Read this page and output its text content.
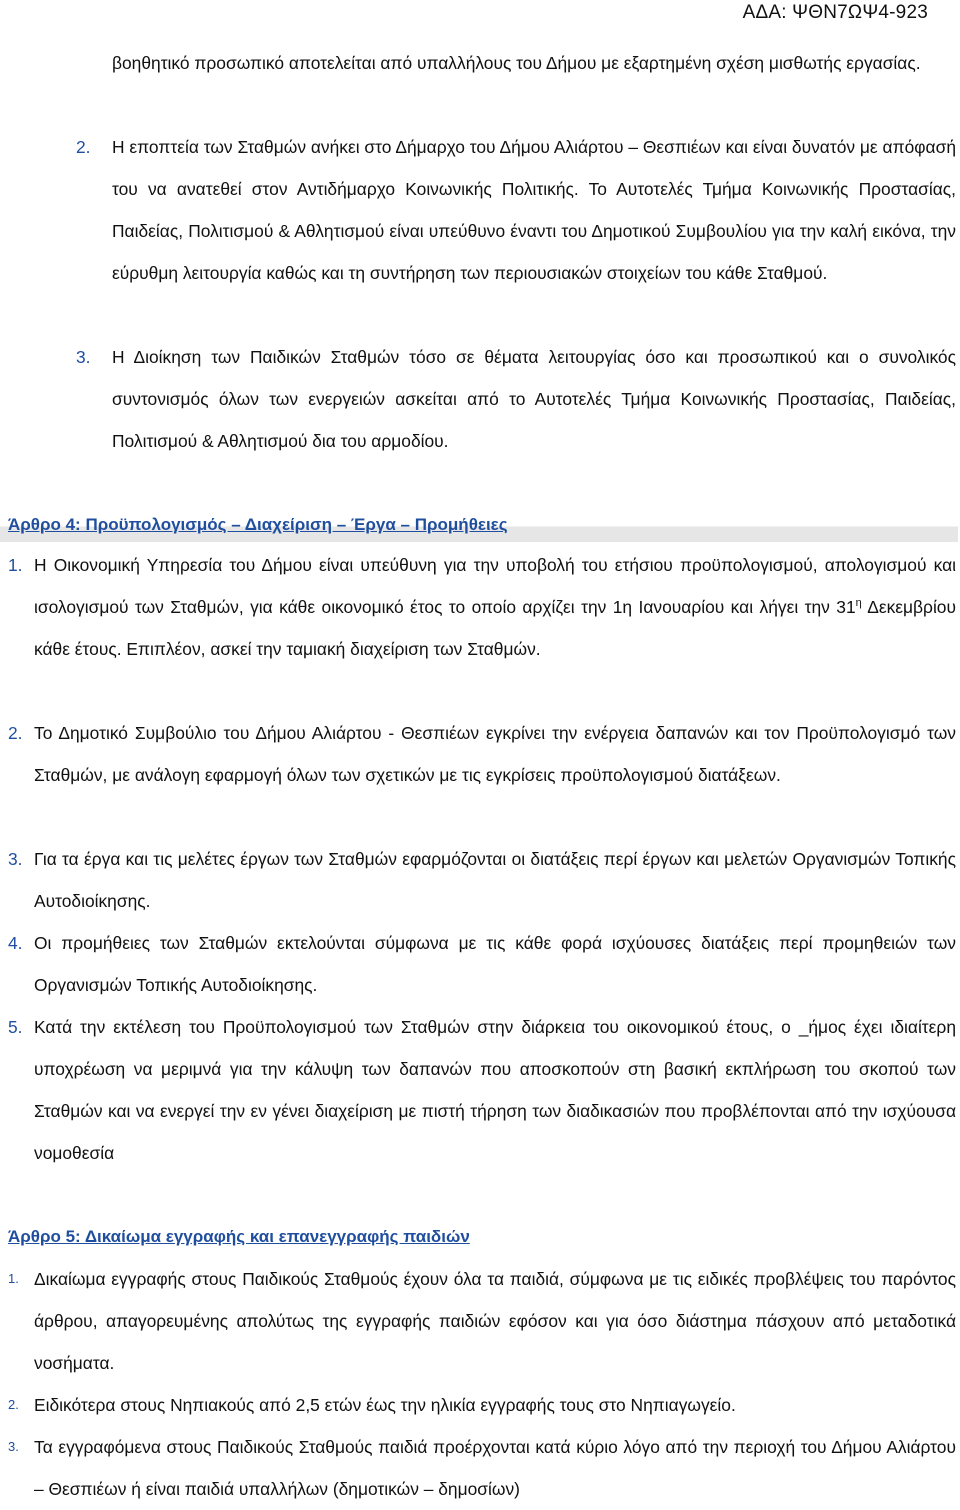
ΑΔΑ: ΨΘΝ7ΩΨ4-923

βοηθητικό προσωπικό αποτελείται από υπαλλήλους του Δήμου με εξαρτημένη σχέση μισθωτής εργασίας.

2.	Η εποπτεία των Σταθμών ανήκει στο Δήμαρχο του Δήμου Αλιάρτου – Θεσπιέων και είναι δυνατόν με απόφασή του να ανατεθεί στον Αντιδήμαρχο Κοινωνικής Πολιτικής. Το Αυτοτελές Τμήμα Κοινωνικής Προστασίας, Παιδείας, Πολιτισμού & Αθλητισμού είναι υπεύθυνο έναντι του Δημοτικού Συμβουλίου για την καλή εικόνα, την εύρυθμη λειτουργία καθώς και τη συντήρηση των περιουσιακών στοιχείων του κάθε Σταθμού.

3.	Η Διοίκηση των Παιδικών Σταθμών τόσο σε θέματα λειτουργίας όσο και προσωπικού και ο συνολικός συντονισμός όλων των ενεργειών ασκείται από το Αυτοτελές Τμήμα Κοινωνικής Προστασίας, Παιδείας, Πολιτισμού & Αθλητισμού δια του αρμοδίου.

Άρθρο 4: Προϋπολογισμός – Διαχείριση – Έργα – Προμήθειες

1. Η Οικονομική Υπηρεσία του Δήμου είναι υπεύθυνη για την υποβολή του ετήσιου προϋπολογισμού, απολογισμού και ισολογισμού των Σταθμών, για κάθε οικονομικό έτος το οποίο αρχίζει την 1η Ιανουαρίου και λήγει την $31^\eta$ Δεκεμβρίου κάθε έτους. Επιπλέον, ασκεί την ταμιακή διαχείριση των Σταθμών.

2. Το Δημοτικό Συμβούλιο του Δήμου Αλιάρτου - Θεσπιέων εγκρίνει την ενέργεια δαπανών και τον Προϋπολογισμό των Σταθμών, με ανάλογη εφαρμογή όλων των σχετικών με τις εγκρίσεις προϋπολογισμού διατάξεων.

3. Για τα έργα και τις μελέτες έργων των Σταθμών εφαρμόζονται οι διατάξεις περί έργων και μελετών Οργανισμών Τοπικής Αυτοδιοίκησης.

4. Οι προμήθειες των Σταθμών εκτελούνται σύμφωνα με τις κάθε φορά ισχύουσες διατάξεις περί προμηθειών των Οργανισμών Τοπικής Αυτοδιοίκησης.

5. Κατά την εκτέλεση του Προϋπολογισμού των Σταθμών στην διάρκεια του οικονομικού έτους, ο _ήμος έχει ιδιαίτερη υποχρέωση να μεριμνά για την κάλυψη των δαπανών που αποσκοπούν στη βασική εκπλήρωση του σκοπού των Σταθμών και να ενεργεί την εν γένει διαχείριση με πιστή τήρηση των διαδικασιών που προβλέπονται από την ισχύουσα νομοθεσία

Άρθρο 5: Δικαίωμα εγγραφής και επανεγγραφής παιδιών

1. Δικαίωμα εγγραφής στους Παιδικούς Σταθμούς έχουν όλα τα παιδιά, σύμφωνα με τις ειδικές προβλέψεις του παρόντος άρθρου, απαγορευμένης απολύτως της εγγραφής παιδιών εφόσον και για όσο διάστημα πάσχουν από μεταδοτικά νοσήματα.

2. Ειδικότερα στους Νηπιακούς από 2,5 ετών έως την ηλικία εγγραφής τους στο Νηπιαγωγείο.

3. Τα εγγραφόμενα στους Παιδικούς Σταθμούς παιδιά προέρχονται κατά κύριο λόγο από την περιοχή του Δήμου Αλιάρτου – Θεσπιέων ή είναι παιδιά υπαλλήλων (δημοτικών – δημοσίων)
